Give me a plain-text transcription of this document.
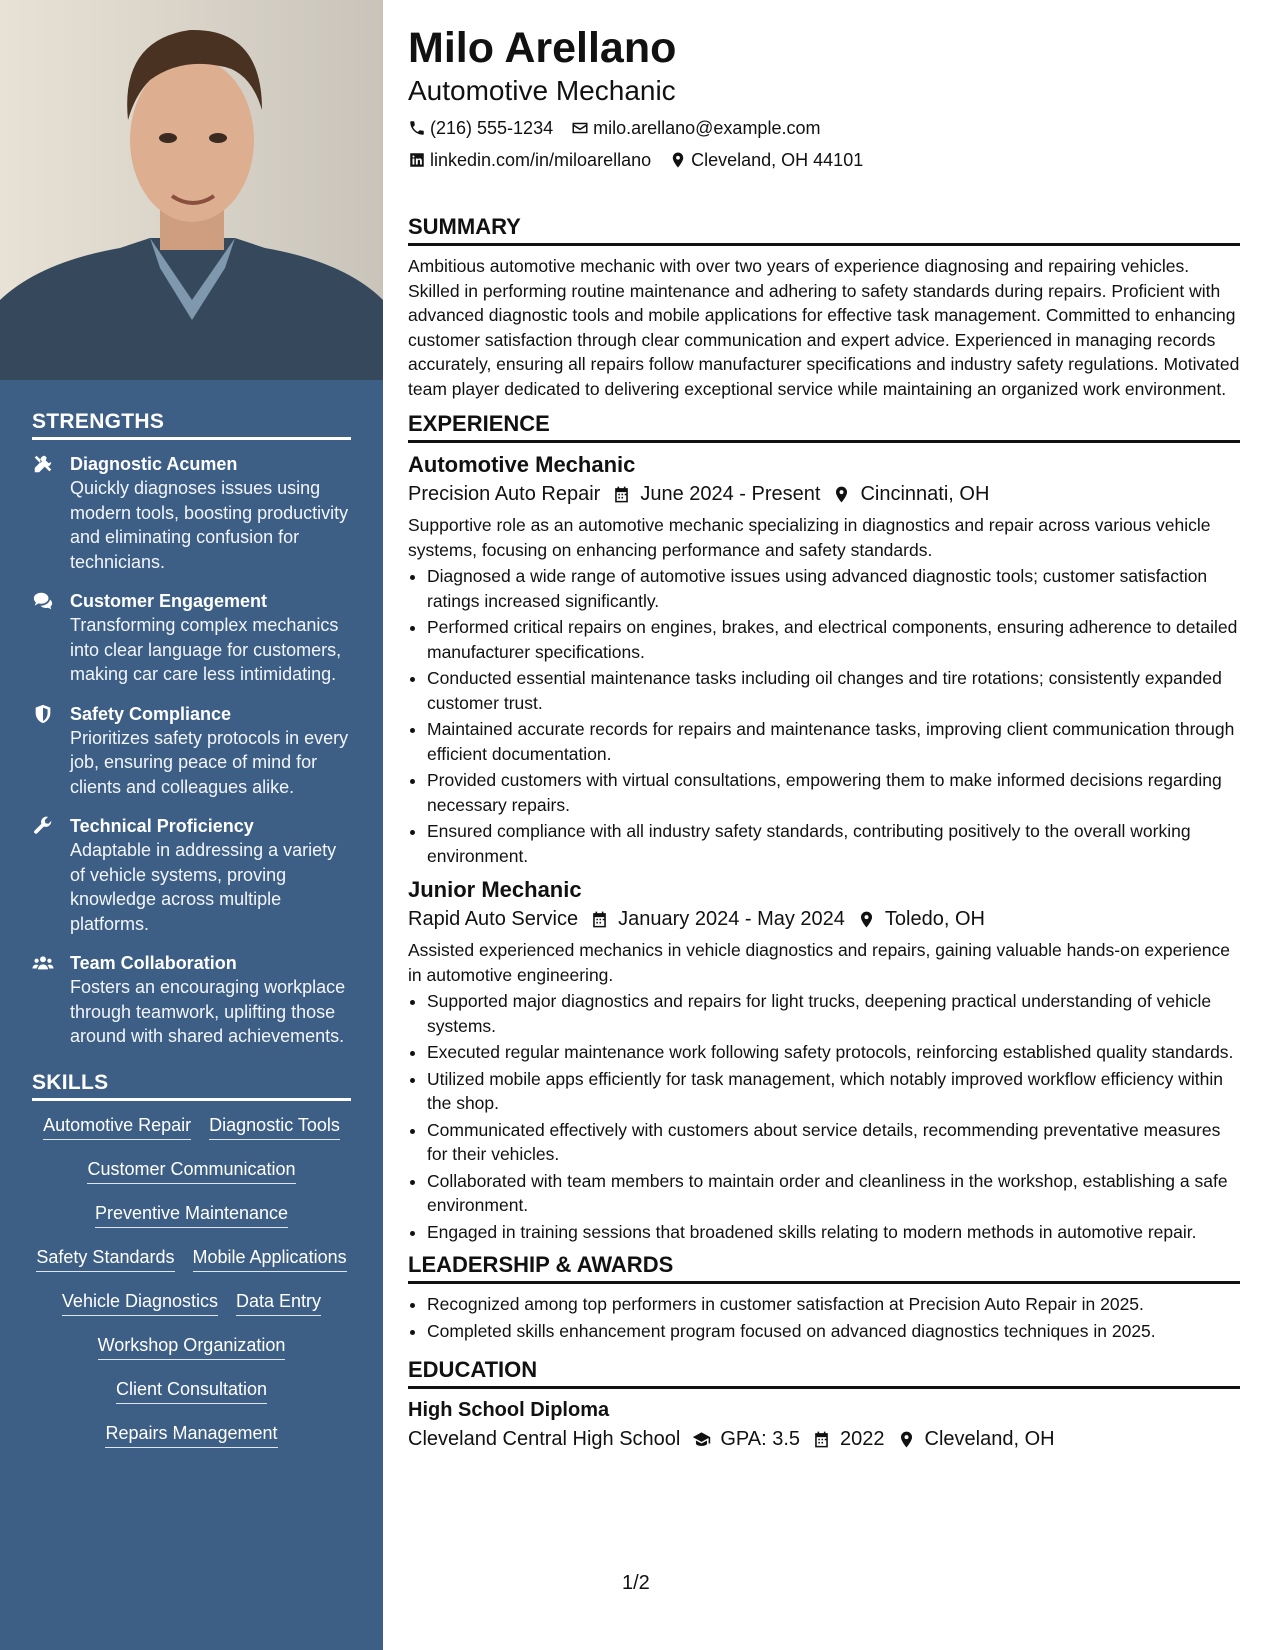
STRENGTHS
Diagnostic Acumen
Quickly diagnoses issues using modern tools, boosting productivity and eliminating confusion for technicians.
Customer Engagement
Transforming complex mechanics into clear language for customers, making car care less intimidating.
Safety Compliance
Prioritizes safety protocols in every job, ensuring peace of mind for clients and colleagues alike.
Technical Proficiency
Adaptable in addressing a variety of vehicle systems, proving knowledge across multiple platforms.
Team Collaboration
Fosters an encouraging workplace through teamwork, uplifting those around with shared achievements.
SKILLS
Automotive Repair Diagnostic Tools
Customer Communication
Preventive Maintenance
Safety Standards Mobile Applications
Vehicle Diagnostics Data Entry
Workshop Organization
Client Consultation
Repairs Management
Milo Arellano
Automotive Mechanic
(216) 555-1234 milo.arellano@example.com
linkedin.com/in/miloarellano Cleveland, OH 44101
SUMMARY

Ambitious automotive mechanic with over two years of experience diagnosing and repairing vehicles. Skilled in performing routine maintenance and adhering to safety standards during repairs. Proficient with advanced diagnostic tools and mobile applications for effective task management. Committed to enhancing customer satisfaction through clear communication and expert advice. Experienced in managing records accurately, ensuring all repairs follow manufacturer specifications and industry safety regulations. Motivated team player dedicated to delivering exceptional service while maintaining an organized work environment.

EXPERIENCE
Automotive Mechanic
Precision Auto Repair June 2024 - Present Cincinnati, OH

Supportive role as an automotive mechanic specializing in diagnostics and repair across various vehicle systems, focusing on enhancing performance and safety standards.

• Diagnosed a wide range of automotive issues using advanced diagnostic tools; customer satisfaction ratings increased significantly.
• Performed critical repairs on engines, brakes, and electrical components, ensuring adherence to detailed manufacturer specifications.
• Conducted essential maintenance tasks including oil changes and tire rotations; consistently expanded customer trust.
• Maintained accurate records for repairs and maintenance tasks, improving client communication through efficient documentation.
• Provided customers with virtual consultations, empowering them to make informed decisions regarding necessary repairs.
• Ensured compliance with all industry safety standards, contributing positively to the overall working environment.
Junior Mechanic
Rapid Auto Service January 2024 - May 2024 Toledo, OH

Assisted experienced mechanics in vehicle diagnostics and repairs, gaining valuable hands-on experience in automotive engineering.

• Supported major diagnostics and repairs for light trucks, deepening practical understanding of vehicle systems.
• Executed regular maintenance work following safety protocols, reinforcing established quality standards.
• Utilized mobile apps efficiently for task management, which notably improved workflow efficiency within the shop.
• Communicated effectively with customers about service details, recommending preventative measures for their vehicles.
• Collaborated with team members to maintain order and cleanliness in the workshop, establishing a safe environment.
• Engaged in training sessions that broadened skills relating to modern methods in automotive repair.
LEADERSHIP & AWARDS
• Recognized among top performers in customer satisfaction at Precision Auto Repair in 2025.
• Completed skills enhancement program focused on advanced diagnostics techniques in 2025.
EDUCATION
High School Diploma
Cleveland Central High School GPA: 3.5 2022 Cleveland, OH
1/2
